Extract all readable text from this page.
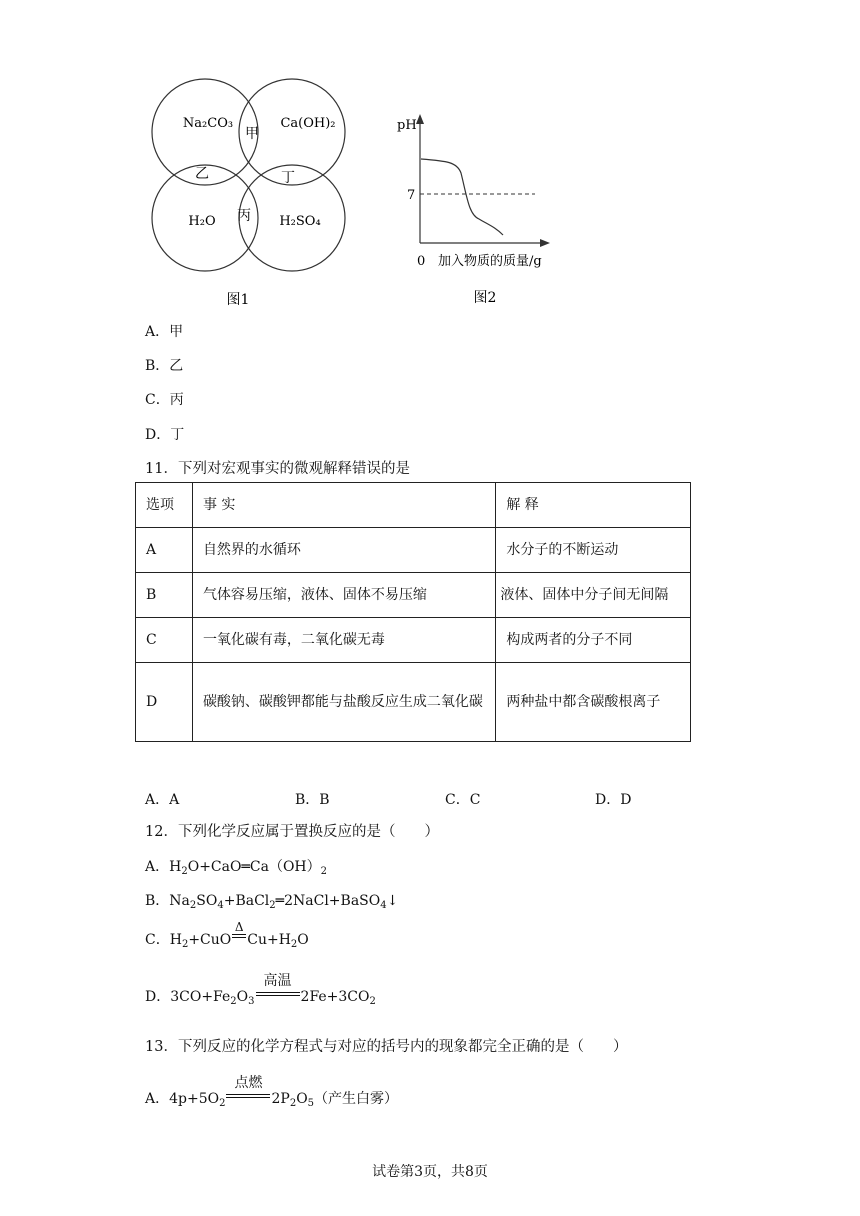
Na₂CO₃	Ca(OH)₂
H₂O	H₂SO₄
甲
乙
丙
丁
图1
pH
7
0 加入物质的质量/g
图2
A．甲
B．乙
C．丙
D．丁
11．下列对宏观事实的微观解释错误的是
选项	事 实	解 释
A	自然界的水循环	水分子的不断运动
B	气体容易压缩，液体、固体不易压缩	液体、固体中分子间无间隔
C	一氧化碳有毒，二氧化碳无毒	构成两者的分子不同
D	碳酸钠、碳酸钾都能与盐酸反应生成二氧化碳	两种盐中都含碳酸根离子
A．A	B．B	C．C	D．D
12．下列化学反应属于置换反应的是（　　）
A．$H_2O+CaO═Ca(OH)_2$
B．$Na_2SO_4+BaCl_2═2NaCl+BaSO_4↓$
C．$H_2+CuO$
Δ
$Cu+H_2O$
D．$3CO+Fe_2O_3$
高温
$2Fe+3CO_2$
13．下列反应的化学方程式与对应的括号内的现象都完全正确的是（　　）
A．$4p+5O_2$
点燃
$2P_2O_5$（产生白雾）
试卷第3页，共8页
